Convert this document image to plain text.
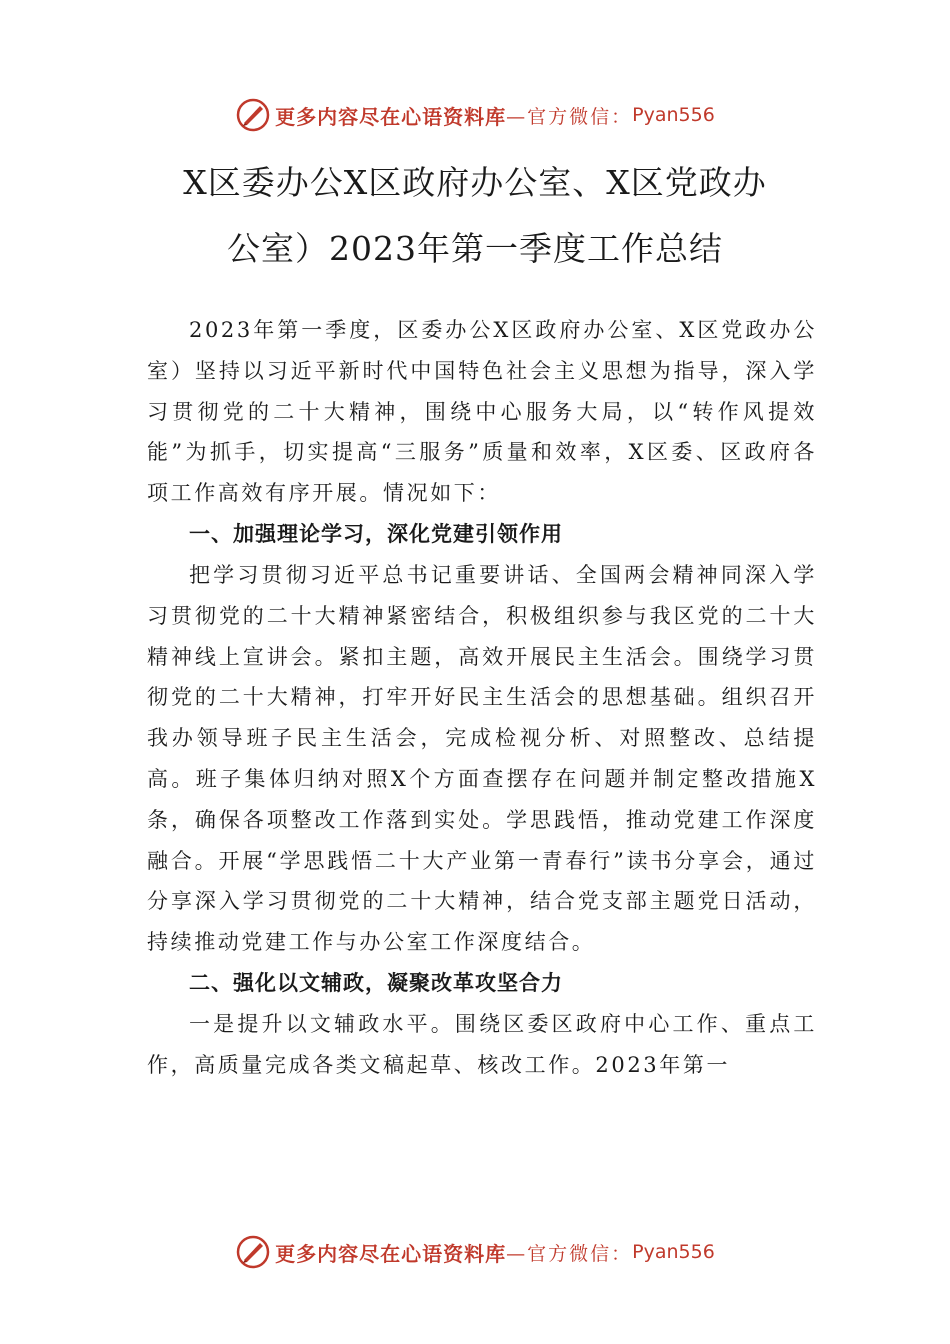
更多内容尽在心语资料库 —官方微信： Pyan556
X区委办公X区政府办公室、X区党政办
公室）2023年第一季度工作总结

2023年第一季度，区委办公X区政府办公室、X区党政办公室）坚持以习近平新时代中国特色社会主义思想为指导，深入学习贯彻党的二十大精神，围绕中心服务大局，以“转作风提效能”为抓手，切实提高“三服务”质量和效率，X区委、区政府各项工作高效有序开展。情况如下：

一、加强理论学习，深化党建引领作用

把学习贯彻习近平总书记重要讲话、全国两会精神同深入学习贯彻党的二十大精神紧密结合，积极组织参与我区党的二十大精神线上宣讲会。紧扣主题，高效开展民主生活会。围绕学习贯彻党的二十大精神，打牢开好民主生活会的思想基础。组织召开我办领导班子民主生活会，完成检视分析、对照整改、总结提高。班子集体归纳对照X个方面查摆存在问题并制定整改措施X条，确保各项整改工作落到实处。学思践悟，推动党建工作深度融合。开展“学思践悟二十大产业第一青春行”读书分享会，通过分享深入学习贯彻党的二十大精神，结合党支部主题党日活动，持续推动党建工作与办公室工作深度结合。

二、强化以文辅政，凝聚改革攻坚合力

一是提升以文辅政水平。围绕区委区政府中心工作、重点工作，高质量完成各类文稿起草、核改工作。2023年第一

更多内容尽在心语资料库 —官方微信： Pyan556
